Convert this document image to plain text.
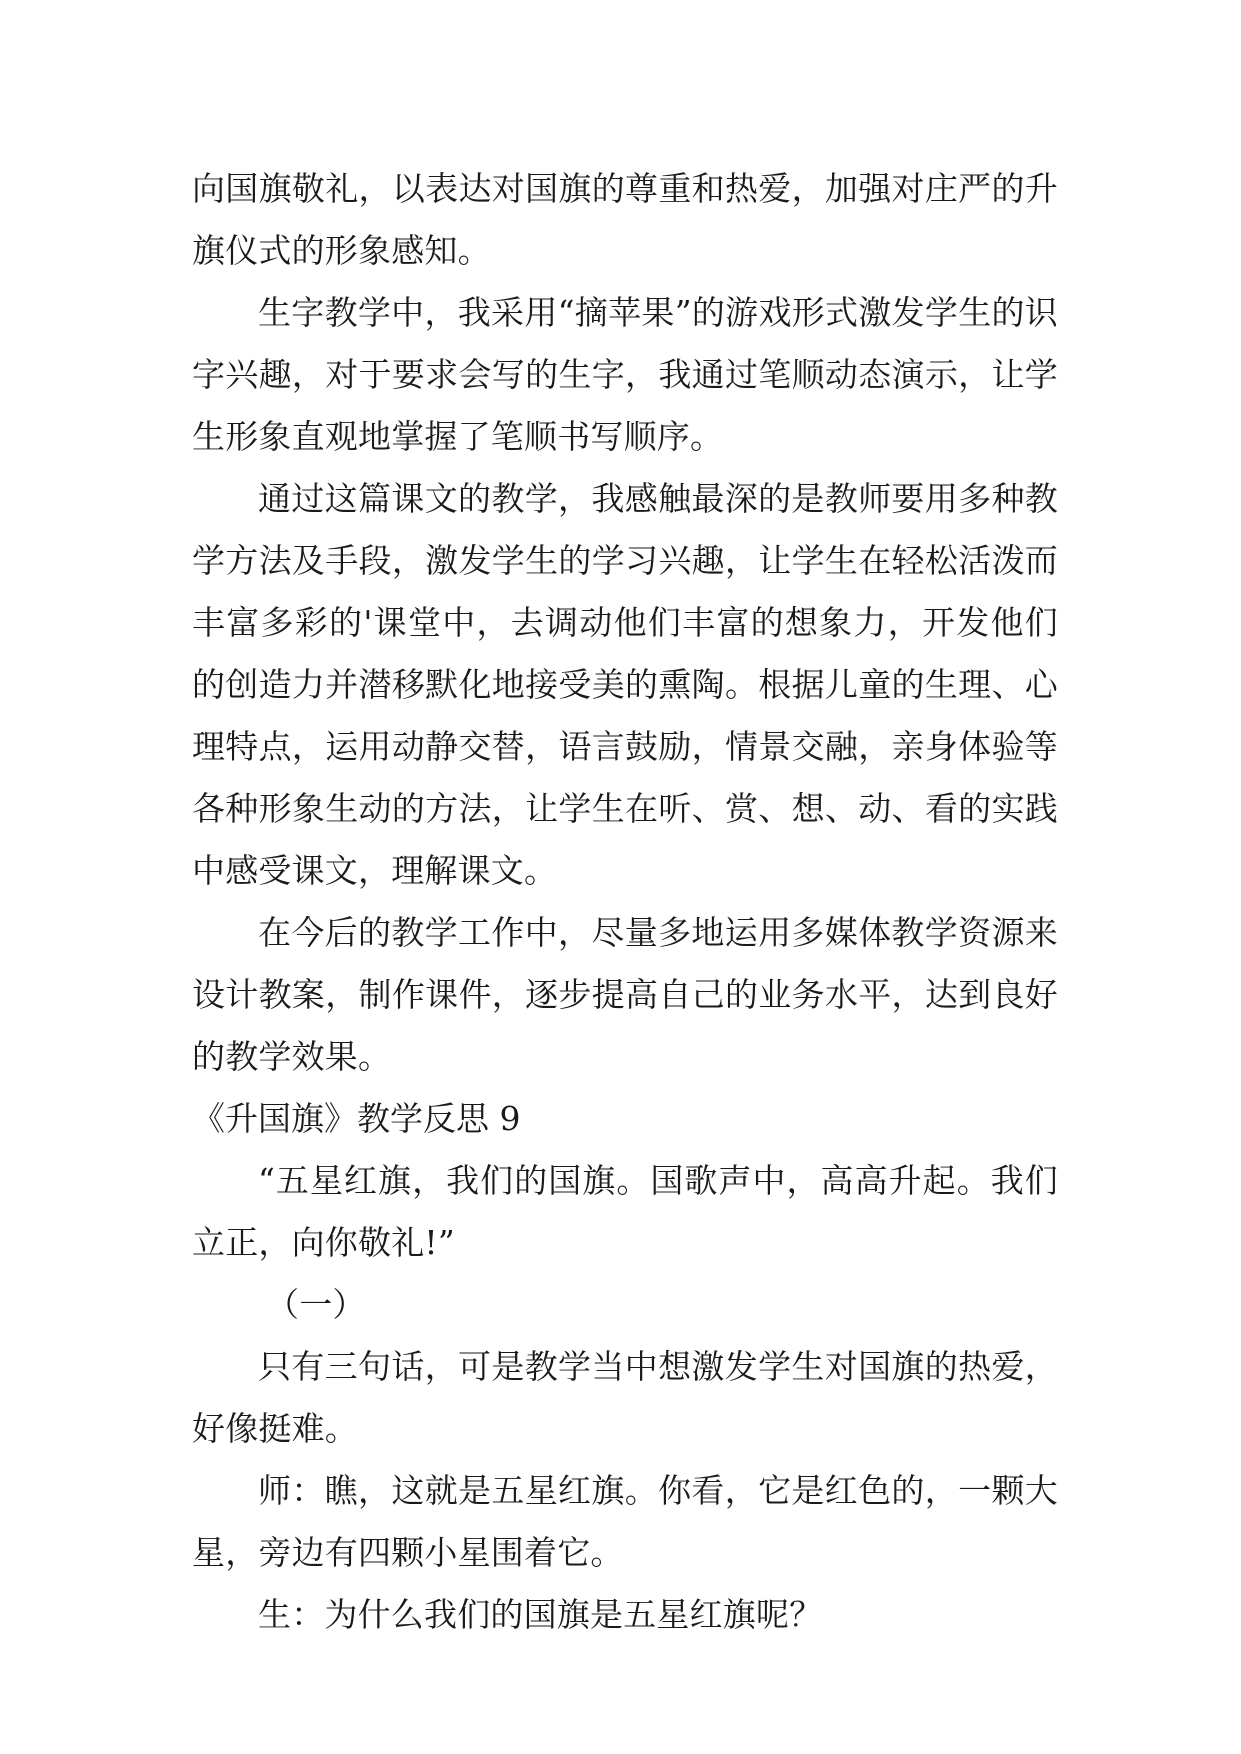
向国旗敬礼，以表达对国旗的尊重和热爱，加强对庄严的升旗仪式的形象感知。

生字教学中，我采用“摘苹果”的游戏形式激发学生的识字兴趣，对于要求会写的生字，我通过笔顺动态演示，让学生形象直观地掌握了笔顺书写顺序。

通过这篇课文的教学，我感触最深的是教师要用多种教学方法及手段，激发学生的学习兴趣，让学生在轻松活泼而丰富多彩的'课堂中，去调动他们丰富的想象力，开发他们的创造力并潜移默化地接受美的熏陶。根据儿童的生理、心理特点，运用动静交替，语言鼓励，情景交融，亲身体验等各种形象生动的方法，让学生在听、赏、想、动、看的实践中感受课文，理解课文。

在今后的教学工作中，尽量多地运用多媒体教学资源来设计教案，制作课件，逐步提高自己的业务水平，达到良好的教学效果。

《升国旗》教学反思 9

“五星红旗，我们的国旗。国歌声中，高高升起。我们立正，向你敬礼!”

（一）

只有三句话，可是教学当中想激发学生对国旗的热爱，好像挺难。

师：瞧，这就是五星红旗。你看，它是红色的，一颗大星，旁边有四颗小星围着它。

生：为什么我们的国旗是五星红旗呢？
